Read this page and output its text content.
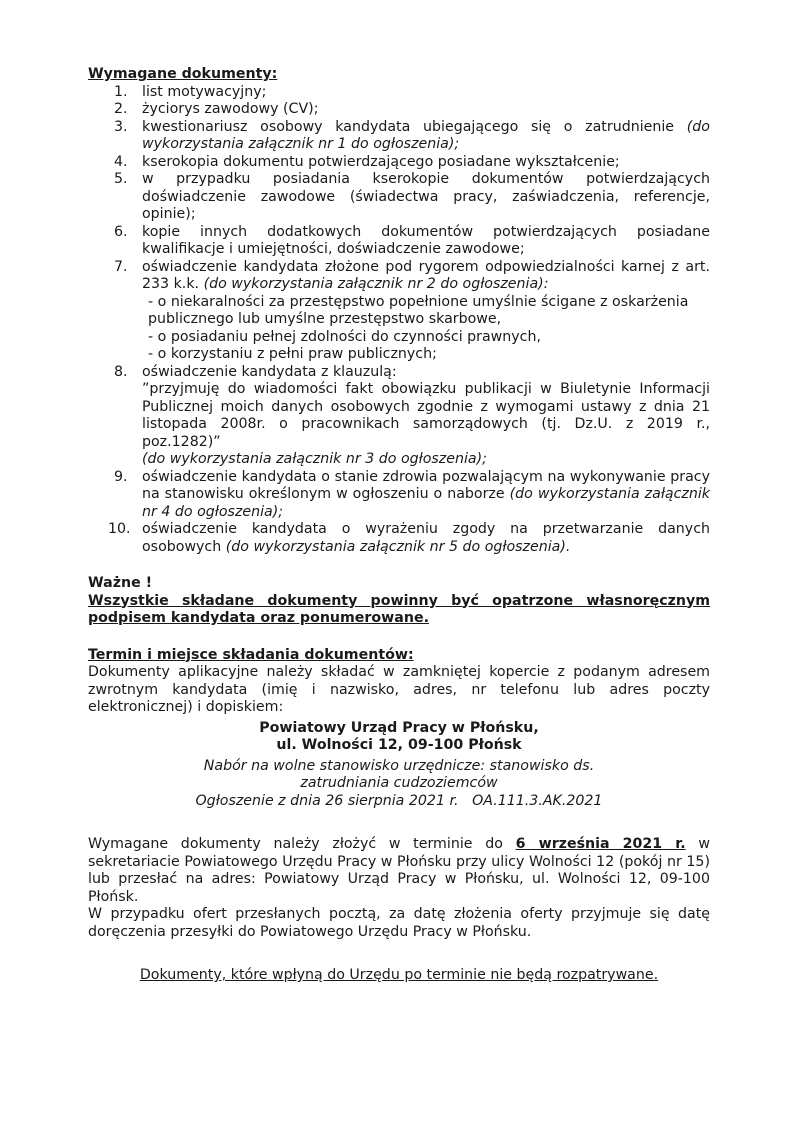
Wymagane dokumenty:

1. list motywacyjny;
2. życiorys zawodowy (CV);
3. kwestionariusz osobowy kandydata ubiegającego się o zatrudnienie (do wykorzystania załącznik nr 1 do ogłoszenia);
4. kserokopia dokumentu potwierdzającego posiadane wykształcenie;
5. w przypadku posiadania kserokopie dokumentów potwierdzających doświadczenie zawodowe (świadectwa pracy, zaświadczenia, referencje, opinie);
6. kopie innych dodatkowych dokumentów potwierdzających posiadane kwalifikacje i umiejętności, doświadczenie zawodowe;
7. oświadczenie kandydata złożone pod rygorem odpowiedzialności karnej z art. 233 k.k. (do wykorzystania załącznik nr 2 do ogłoszenia):
- o niekaralności za przestępstwo popełnione umyślnie ścigane z oskarżenia publicznego lub umyślne przestępstwo skarbowe,
- o posiadaniu pełnej zdolności do czynności prawnych,
- o korzystaniu z pełni praw publicznych;
8. oświadczenie kandydata z klauzulą:
”przyjmuję do wiadomości fakt obowiązku publikacji w Biuletynie Informacji Publicznej moich danych osobowych zgodnie z wymogami ustawy z dnia 21 listopada 2008r. o pracownikach samorządowych (tj. Dz.U. z 2019 r., poz.1282)”
(do wykorzystania załącznik nr 3 do ogłoszenia);
9. oświadczenie kandydata o stanie zdrowia pozwalającym na wykonywanie pracy na stanowisku określonym w ogłoszeniu o naborze (do wykorzystania załącznik nr 4 do ogłoszenia);
10. oświadczenie kandydata o wyrażeniu zgody na przetwarzanie danych osobowych (do wykorzystania załącznik nr 5 do ogłoszenia).

Ważne !

Wszystkie składane dokumenty powinny być opatrzone własnoręcznym podpisem kandydata oraz ponumerowane.

Termin i miejsce składania dokumentów:

Dokumenty aplikacyjne należy składać w zamkniętej kopercie z podanym adresem zwrotnym kandydata (imię i nazwisko, adres, nr telefonu lub adres poczty elektronicznej) i dopiskiem:

Powiatowy Urząd Pracy w Płońsku,

ul. Wolności 12, 09-100 Płońsk

Nabór na wolne stanowisko urzędnicze: stanowisko ds. zatrudniania cudzoziemców

Ogłoszenie z dnia 26 sierpnia 2021 r.   OA.111.3.AK.2021

Wymagane dokumenty należy złożyć w terminie do 6 września 2021 r. w sekretariacie Powiatowego Urzędu Pracy w Płońsku przy ulicy Wolności 12 (pokój nr 15) lub przesłać na adres: Powiatowy Urząd Pracy w Płońsku, ul. Wolności 12, 09-100 Płońsk.

W przypadku ofert przesłanych pocztą, za datę złożenia oferty przyjmuje się datę doręczenia przesyłki do Powiatowego Urzędu Pracy w Płońsku.

Dokumenty, które wpłyną do Urzędu po terminie nie będą rozpatrywane.
